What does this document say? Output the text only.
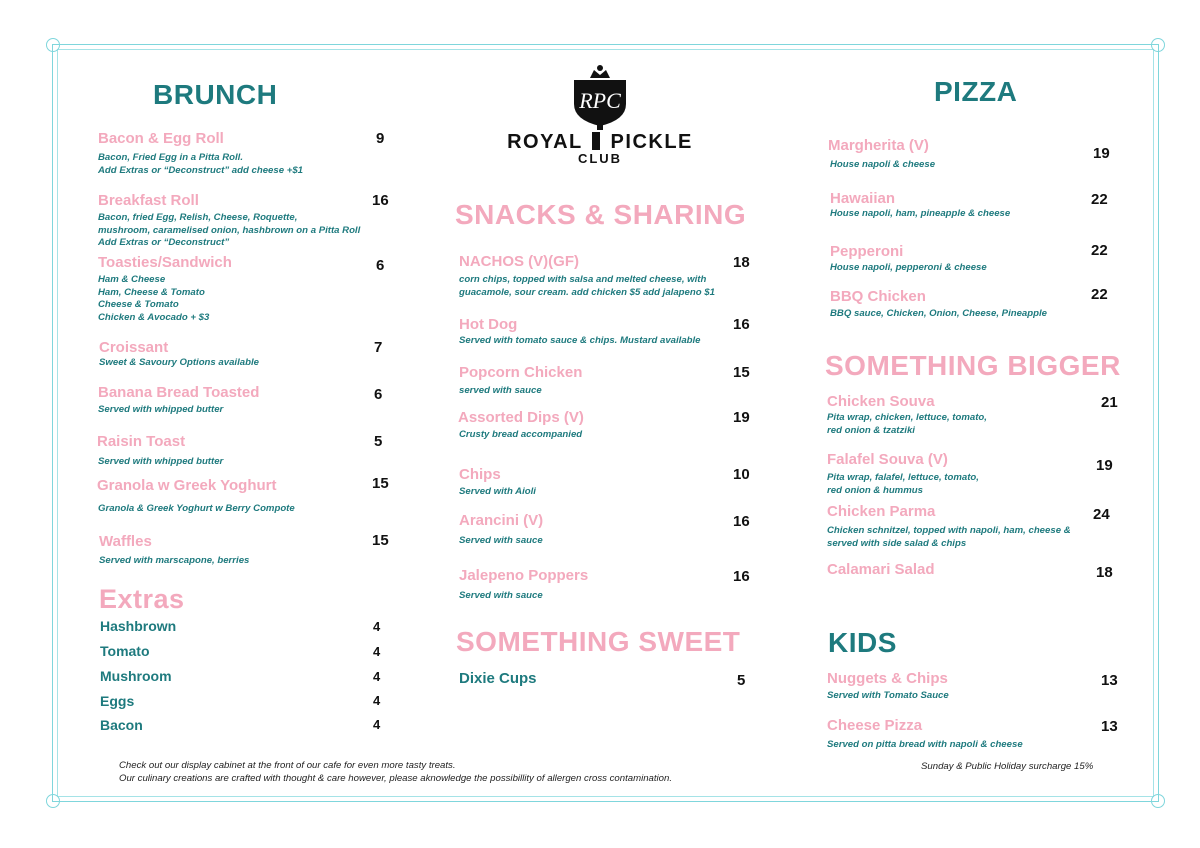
RPC
ROYAL PICKLE
CLUB
BRUNCH
Bacon & Egg Roll	9
Bacon, Fried Egg in a Pitta Roll.
Add Extras or “Deconstruct” add cheese +$1
Breakfast Roll	16
Bacon, fried Egg, Relish, Cheese, Roquette,
mushroom, caramelised onion, hashbrown on a Pitta Roll
Add Extras or “Deconstruct”
Toasties/Sandwich	6
Ham & Cheese
Ham, Cheese & Tomato
Cheese & Tomato
Chicken & Avocado + $3
Croissant	7
Sweet & Savoury Options available
Banana Bread Toasted	6
Served with whipped butter
Raisin Toast	5
Served with whipped butter
Granola w Greek Yoghurt	15
Granola & Greek Yoghurt w Berry Compote
Waffles	15
Served with marscapone, berries
Extras
Hashbrown	4
Tomato	4
Mushroom	4
Eggs	4
Bacon	4
SNACKS & SHARING
NACHOS (V)(GF)	18
corn chips, topped with salsa and melted cheese, with
guacamole, sour cream. add chicken $5 add jalapeno $1
Hot Dog	16
Served with tomato sauce & chips. Mustard available
Popcorn Chicken	15
served with sauce
Assorted Dips (V)	19
Crusty bread accompanied
Chips	10
Served with Aioli
Arancini (V)	16
Served with sauce
Jalepeno Poppers	16
Served with sauce
SOMETHING SWEET
Dixie Cups	5
PIZZA
Margherita (V)	19
House napoli & cheese
Hawaiian	22
House napoli, ham, pineapple & cheese
Pepperoni	22
House napoli, pepperoni & cheese
BBQ Chicken	22
BBQ sauce, Chicken, Onion, Cheese, Pineapple
SOMETHING BIGGER
Chicken Souva	21
Pita wrap, chicken, lettuce, tomato,
red onion & tzatziki
Falafel Souva (V)	19
Pita wrap, falafel, lettuce, tomato,
red onion & hummus
Chicken Parma	24
Chicken schnitzel, topped with napoli, ham, cheese &
served with side salad & chips
Calamari Salad	18
KIDS
Nuggets & Chips	13
Served with Tomato Sauce
Cheese Pizza	13
Served on pitta bread with napoli & cheese
Check out our display cabinet at the front of our cafe for even more tasty treats.
Our culinary creations are crafted with thought & care however, please aknowledge the possibillity of allergen cross contamination.
Sunday & Public Holiday surcharge 15%
